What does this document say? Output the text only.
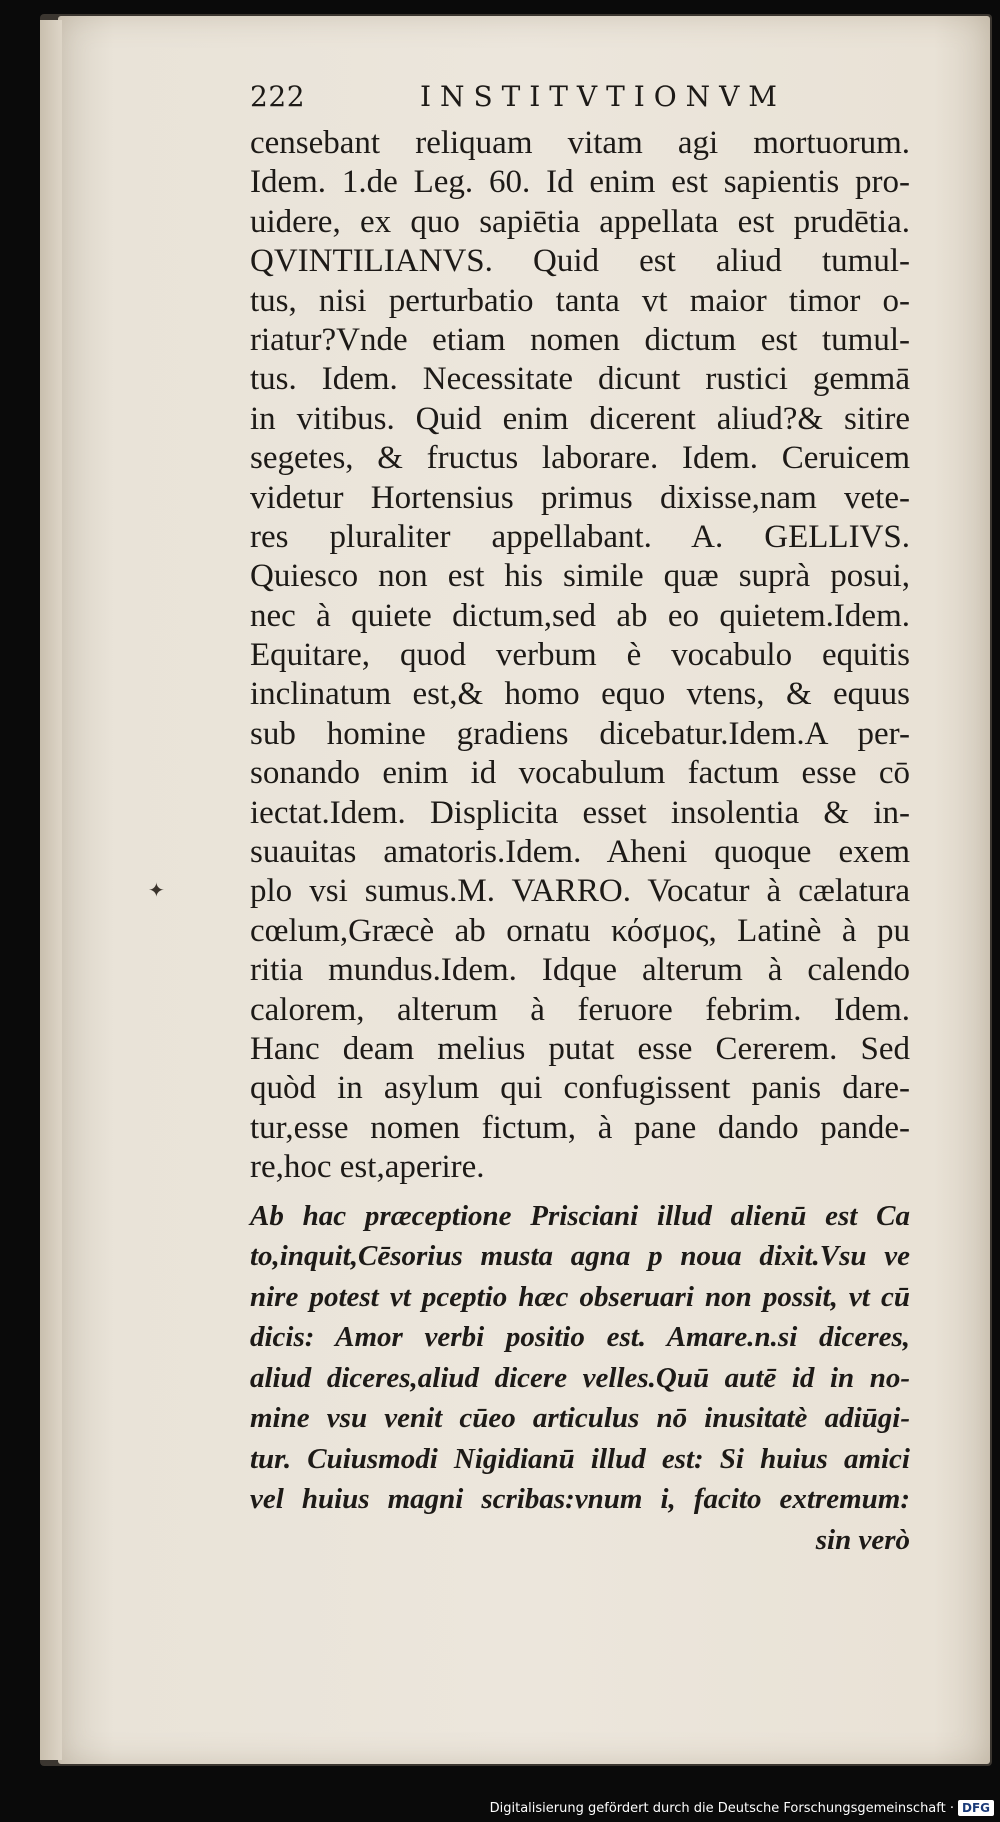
✦
222	INSTITVTIONVM
censebant reliquam vitam agi mortuorum.
Idem. 1.de Leg. 60. Id enim est sapientis pro-
uidere, ex quo sapiētia appellata est prudētia.
QVINTILIANVS. Quid est aliud tumul-
tus, nisi perturbatio tanta vt maior timor o-
riatur?Vnde etiam nomen dictum est tumul-
tus. Idem. Necessitate dicunt rustici gemmā
in vitibus. Quid enim dicerent aliud?& sitire
segetes, & fructus laborare. Idem. Ceruicem
videtur Hortensius primus dixisse,nam vete-
res pluraliter appellabant. A. GELLIVS.
Quiesco non est his simile quæ suprà posui,
nec à quiete dictum,sed ab eo quietem.Idem.
Equitare, quod verbum è vocabulo equitis
inclinatum est,& homo equo vtens, & equus
sub homine gradiens dicebatur.Idem.A per-
sonando enim id vocabulum factum esse cō
iectat.Idem. Displicita esset insolentia & in-
suauitas amatoris.Idem. Aheni quoque exem
plo vsi sumus.M. VARRO. Vocatur à cælatura
cœlum,Græcè ab ornatu κόσμος, Latinè à pu
ritia mundus.Idem. Idque alterum à calendo
calorem, alterum à feruore febrim. Idem.
Hanc deam melius putat esse Cererem. Sed
quòd in asylum qui confugissent panis dare-
tur,esse nomen fictum, à pane dando pande-
re,hoc est,aperire.
Ab hac præceptione Prisciani illud alienū est Ca
to,inquit,Cēsorius musta agna p noua dixit.Vsu ve
nire potest vt pceptio hæc obseruari non possit, vt cū
dicis: Amor verbi positio est. Amare.n.si diceres,
aliud diceres,aliud dicere velles.Quū autē id in no-
mine vsu venit cūeo articulus nō inusitatè adiūgi-
tur. Cuiusmodi Nigidianū illud est: Si huius amici
vel huius magni scribas:vnum i, facito extremum:
sin verò
Digitalisierung gefördert durch die Deutsche Forschungsgemeinschaft · DFG
